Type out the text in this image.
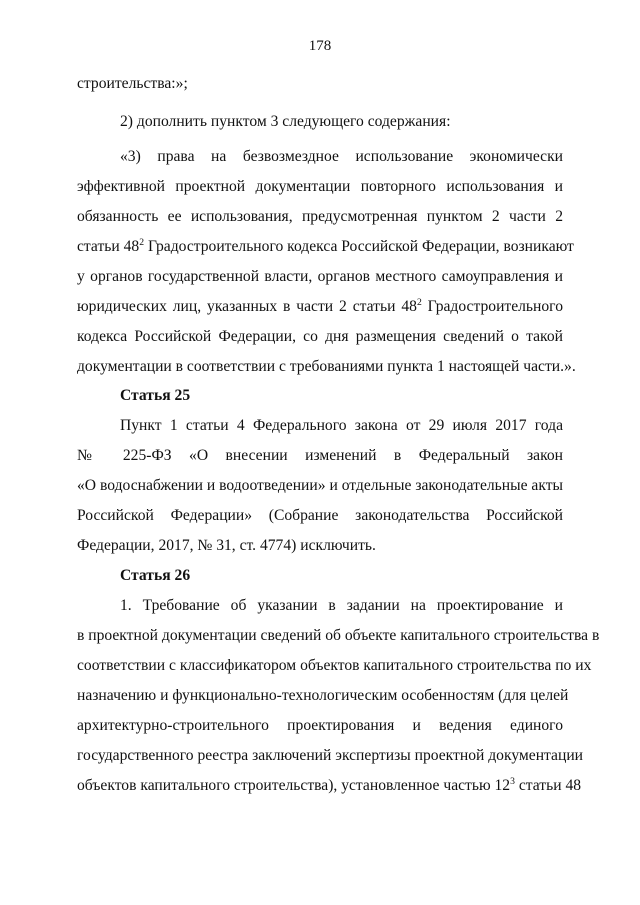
178
строительства:»;
2) дополнить пунктом 3 следующего содержания:
«3) права на безвозмездное использование экономически
эффективной проектной документации повторного использования и
обязанность ее использования, предусмотренная пунктом 2 части 2
статьи $48^2$ Градостроительного кодекса Российской Федерации, возникают
у органов государственной власти, органов местного самоуправления и
юридических лиц, указанных в части 2 статьи $48^2$ Градостроительного
кодекса Российской Федерации, со дня размещения сведений о такой
документации в соответствии с требованиями пункта 1 настоящей части.».
Статья 25
Пункт 1 статьи 4 Федерального закона от 29 июля 2017 года
№ 225-ФЗ «О внесении изменений в Федеральный закон
«О водоснабжении и водоотведении» и отдельные законодательные акты
Российской Федерации» (Собрание законодательства Российской
Федерации, 2017, № 31, ст. 4774) исключить.
Статья 26
1. Требование об указании в задании на проектирование и
в проектной документации сведений об объекте капитального строительства в
соответствии с классификатором объектов капитального строительства по их
назначению и функционально-технологическим особенностям (для целей
архитектурно-строительного проектирования и ведения единого
государственного реестра заключений экспертизы проектной документации
объектов капитального строительства), установленное частью $12^3$ статьи 48
